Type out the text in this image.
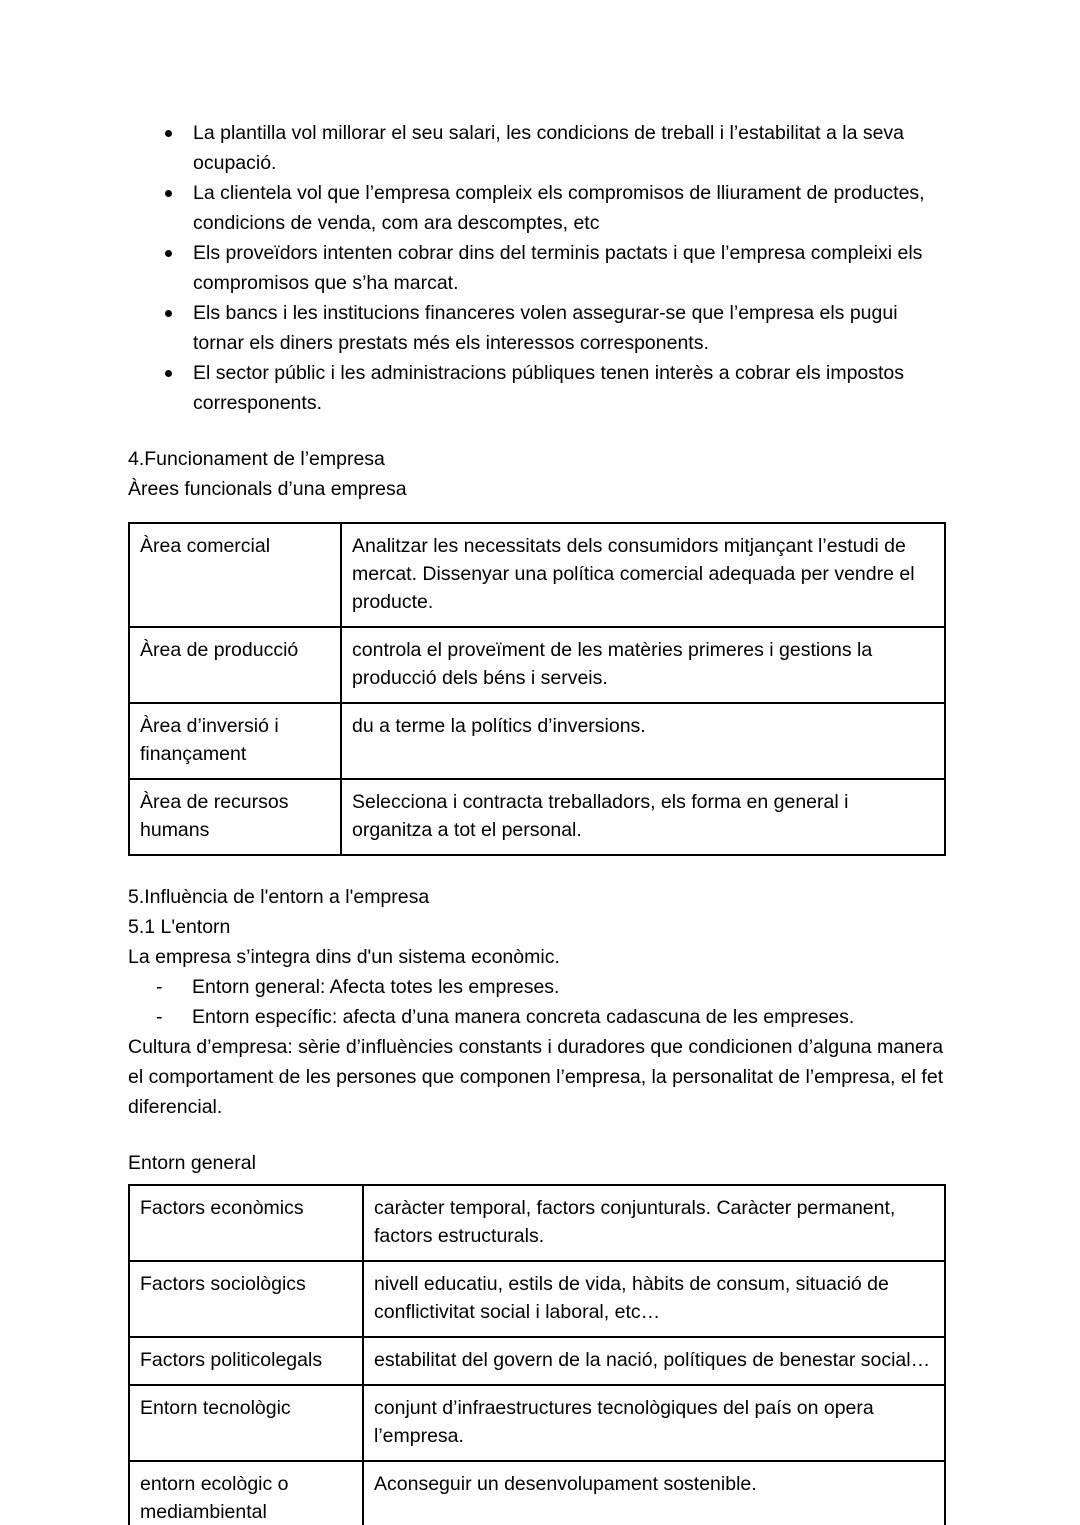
La plantilla vol millorar el seu salari, les condicions de treball i l’estabilitat a la seva ocupació.
La clientela vol que l’empresa compleix els compromisos de lliurament de productes, condicions de venda, com ara descomptes, etc
Els proveïdors intenten cobrar dins del terminis pactats i que l’empresa compleixi els compromisos que s’ha marcat.
Els bancs i les institucions financeres volen assegurar-se que l’empresa els pugui tornar els diners prestats més els interessos corresponents.
El sector públic i les administracions públiques tenen interès a cobrar els impostos corresponents.

4.Funcionament de l’empresa

Àrees funcionals d’una empresa

Àrea comercial	Analitzar les necessitats dels consumidors mitjançant l’estudi de mercat. Dissenyar una política comercial adequada per vendre el producte.
Àrea de producció	controla el proveïment de les matèries primeres i gestions la producció dels béns i serveis.
Àrea d’inversió i finançament	du a terme la polítics d’inversions.
Àrea de recursos humans	Selecciona i contracta treballadors, els forma en general i organitza a tot el personal.

5.Influència de l'entorn a l'empresa

5.1 L'entorn

La empresa s’integra dins d'un sistema econòmic.

- Entorn general: Afecta totes les empreses.
- Entorn específic: afecta d’una manera concreta cadascuna de les empreses.

Cultura d’empresa: sèrie d’influències constants i duradores que condicionen d’alguna manera el comportament de les persones que componen l’empresa, la personalitat de l’empresa, el fet diferencial.

Entorn general

Factors econòmics	caràcter temporal, factors conjunturals. Caràcter permanent, factors estructurals.
Factors sociològics	nivell educatiu, estils de vida, hàbits de consum, situació de conflictivitat social i laboral, etc…
Factors politicolegals	estabilitat del govern de la nació, polítiques de benestar social…
Entorn tecnològic	conjunt d’infraestructures tecnològiques del país on opera l’empresa.
entorn ecològic o mediambiental	Aconseguir un desenvolupament sostenible.
